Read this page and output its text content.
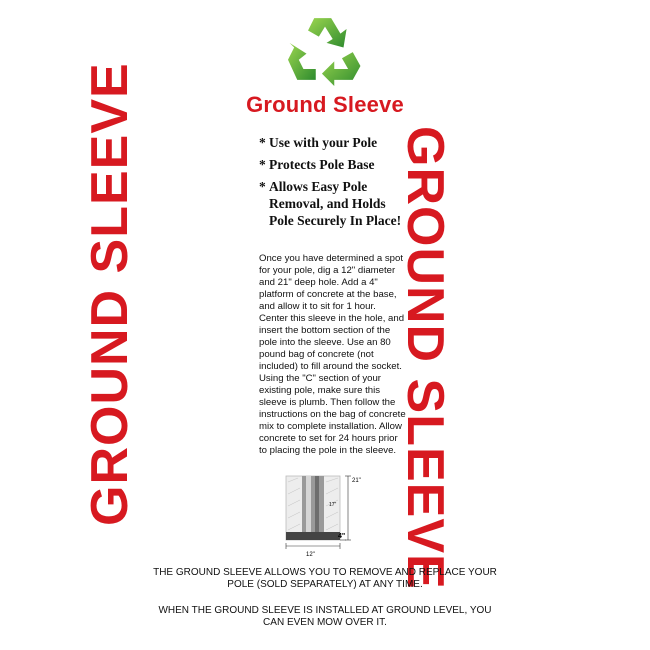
Ground Sleeve
GROUND SLEEVE	GROUND SLEEVE
* Use with your Pole
* Protects Pole Base
* Allows Easy Pole Removal, and Holds Pole Securely In Place!

Once you have determined a spot for your pole, dig a 12" diameter and 21" deep hole. Add a 4" platform of concrete at the base, and allow it to sit for 1 hour. Center this sleeve in the hole, and insert the bottom section of the pole into the sleeve. Use an 80 pound bag of concrete (not included) to fill around the socket. Using the "C" section of your existing pole, make sure this sleeve is plumb. Then follow the instructions on the bag of concrete mix to complete installation. Allow concrete to set for 24 hours prior to placing the pole in the sleeve.

17"
21"
4"
12"

THE GROUND SLEEVE ALLOWS YOU TO REMOVE AND REPLACE YOUR POLE (SOLD SEPARATELY) AT ANY TIME.

WHEN THE GROUND SLEEVE IS INSTALLED AT GROUND LEVEL, YOU CAN EVEN MOW OVER IT.
